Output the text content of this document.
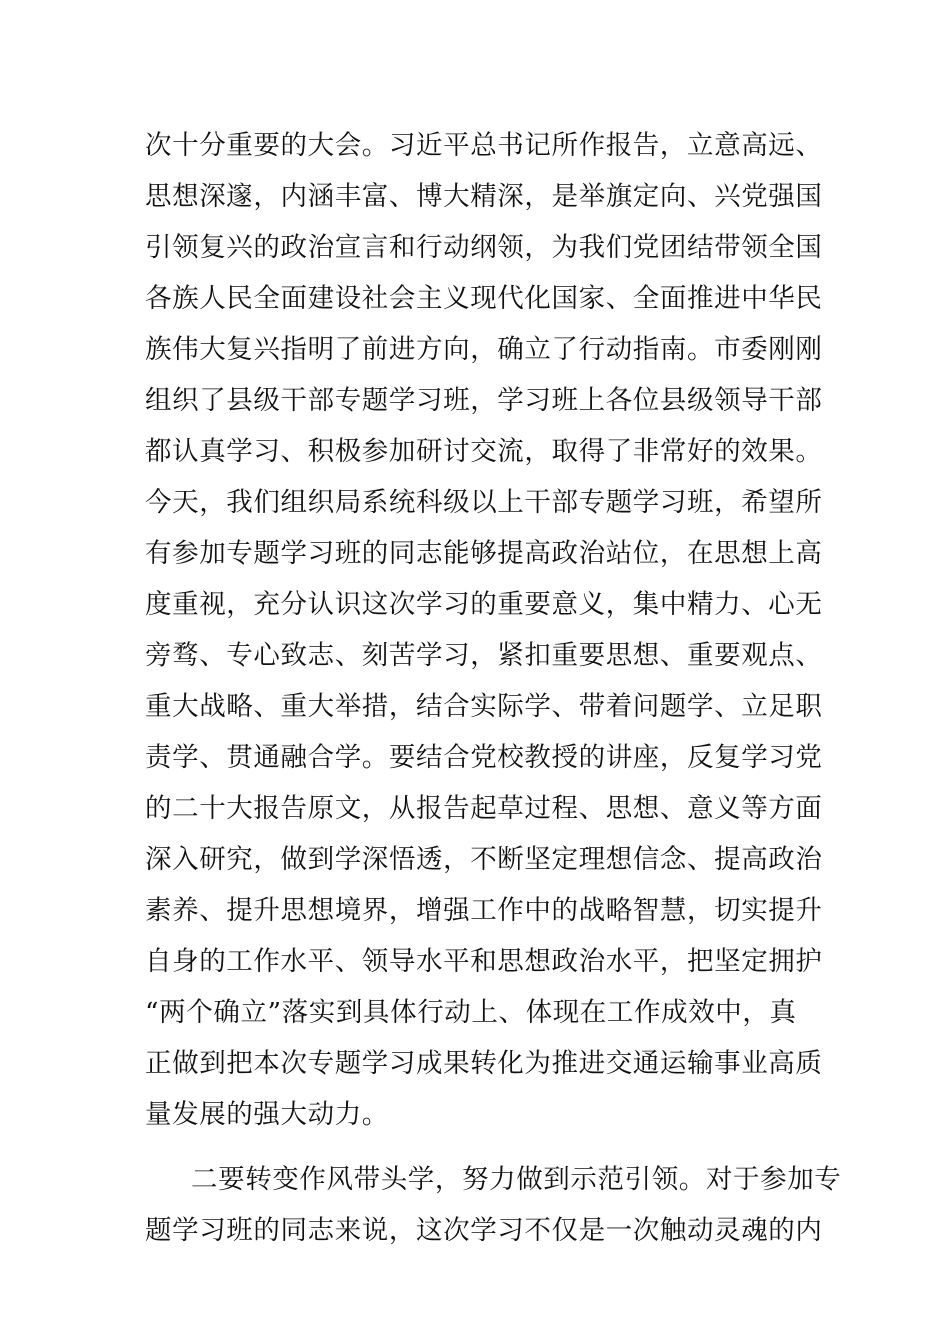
次十分重要的大会。习近平总书记所作报告，立意高远、
思想深邃，内涵丰富、博大精深，是举旗定向、兴党强国
引领复兴的政治宣言和行动纲领，为我们党团结带领全国
各族人民全面建设社会主义现代化国家、全面推进中华民
族伟大复兴指明了前进方向，确立了行动指南。市委刚刚
组织了县级干部专题学习班，学习班上各位县级领导干部
都认真学习、积极参加研讨交流，取得了非常好的效果。
今天，我们组织局系统科级以上干部专题学习班，希望所
有参加专题学习班的同志能够提高政治站位，在思想上高
度重视，充分认识这次学习的重要意义，集中精力、心无
旁骛、专心致志、刻苦学习，紧扣重要思想、重要观点、
重大战略、重大举措，结合实际学、带着问题学、立足职
责学、贯通融合学。要结合党校教授的讲座，反复学习党
的二十大报告原文，从报告起草过程、思想、意义等方面
深入研究，做到学深悟透，不断坚定理想信念、提高政治
素养、提升思想境界，增强工作中的战略智慧，切实提升
自身的工作水平、领导水平和思想政治水平，把坚定拥护
“两个确立”落实到具体行动上、体现在工作成效中，真
正做到把本次专题学习成果转化为推进交通运输事业高质
量发展的强大动力。
二要转变作风带头学，努力做到示范引领。对于参加专
题学习班的同志来说，这次学习不仅是一次触动灵魂的内
